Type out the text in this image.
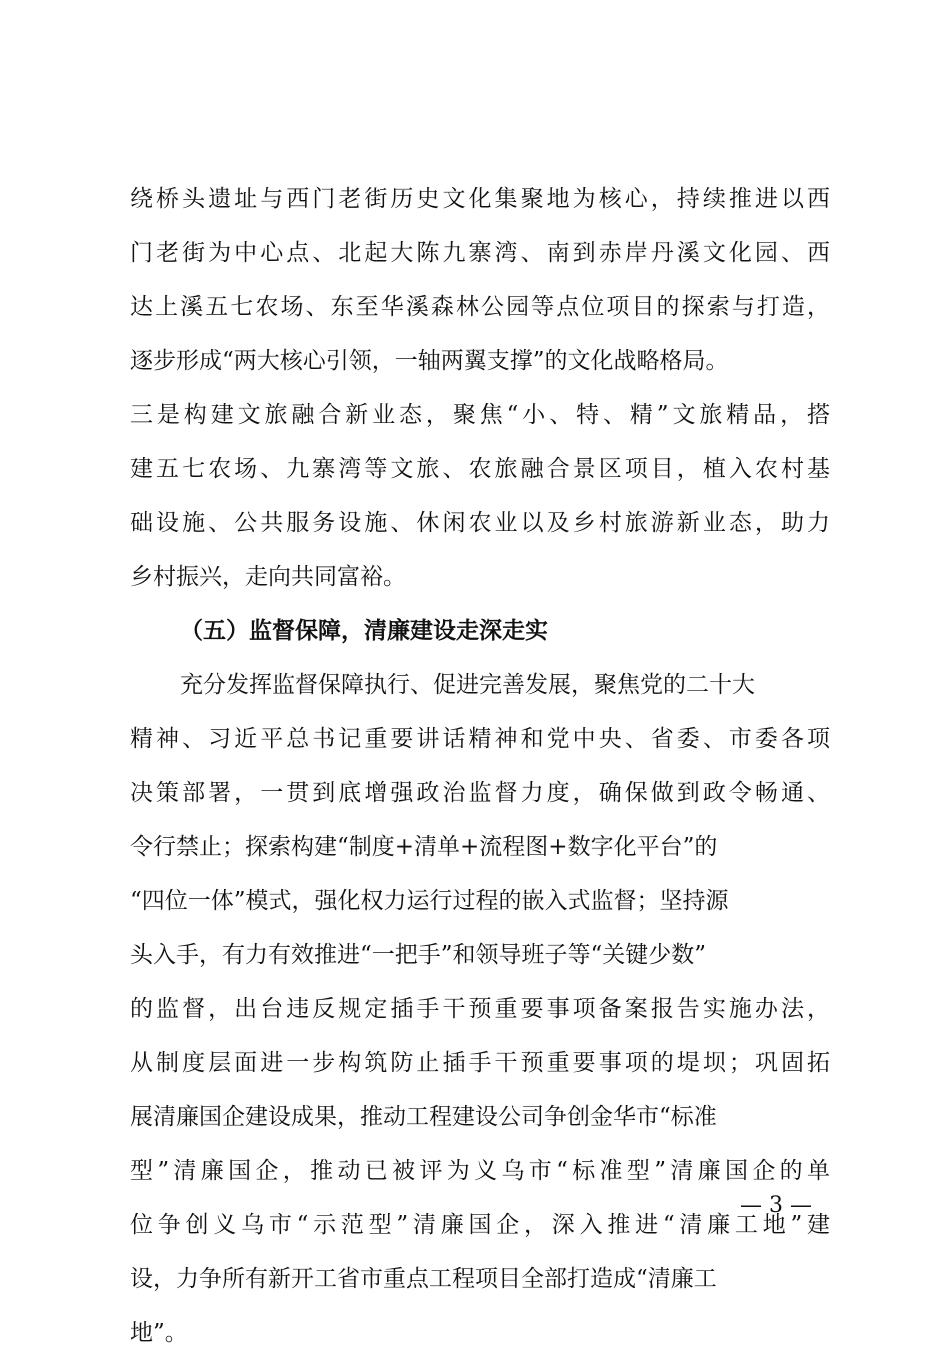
绕桥头遗址与西门老街历史文化集聚地为核心，持续推进以西
门老街为中心点、北起大陈九寨湾、南到赤岸丹溪文化园、西
达上溪五七农场、东至华溪森林公园等点位项目的探索与打造，
逐步形成“两大核心引领，一轴两翼支撑”的文化战略格局。
三是构建文旅融合新业态，聚焦“小、特、精”文旅精品，搭
建五七农场、九寨湾等文旅、农旅融合景区项目，植入农村基
础设施、公共服务设施、休闲农业以及乡村旅游新业态，助力
乡村振兴，走向共同富裕。
（五）监督保障，清廉建设走深走实
充分发挥监督保障执行、促进完善发展，聚焦党的二十大
精神、习近平总书记重要讲话精神和党中央、省委、市委各项
决策部署，一贯到底增强政治监督力度，确保做到政令畅通、
令行禁止；探索构建“制度+清单+流程图+数字化平台”的
“四位一体”模式，强化权力运行过程的嵌入式监督；坚持源
头入手，有力有效推进“一把手”和领导班子等“关键少数”
的监督，出台违反规定插手干预重要事项备案报告实施办法，
从制度层面进一步构筑防止插手干预重要事项的堤坝；巩固拓
展清廉国企建设成果，推动工程建设公司争创金华市“标准
型”清廉国企，推动已被评为义乌市“标准型”清廉国企的单
位争创义乌市“示范型”清廉国企，深入推进“清廉工地”建
设，力争所有新开工省市重点工程项目全部打造成“清廉工
地”。
— 3 —
